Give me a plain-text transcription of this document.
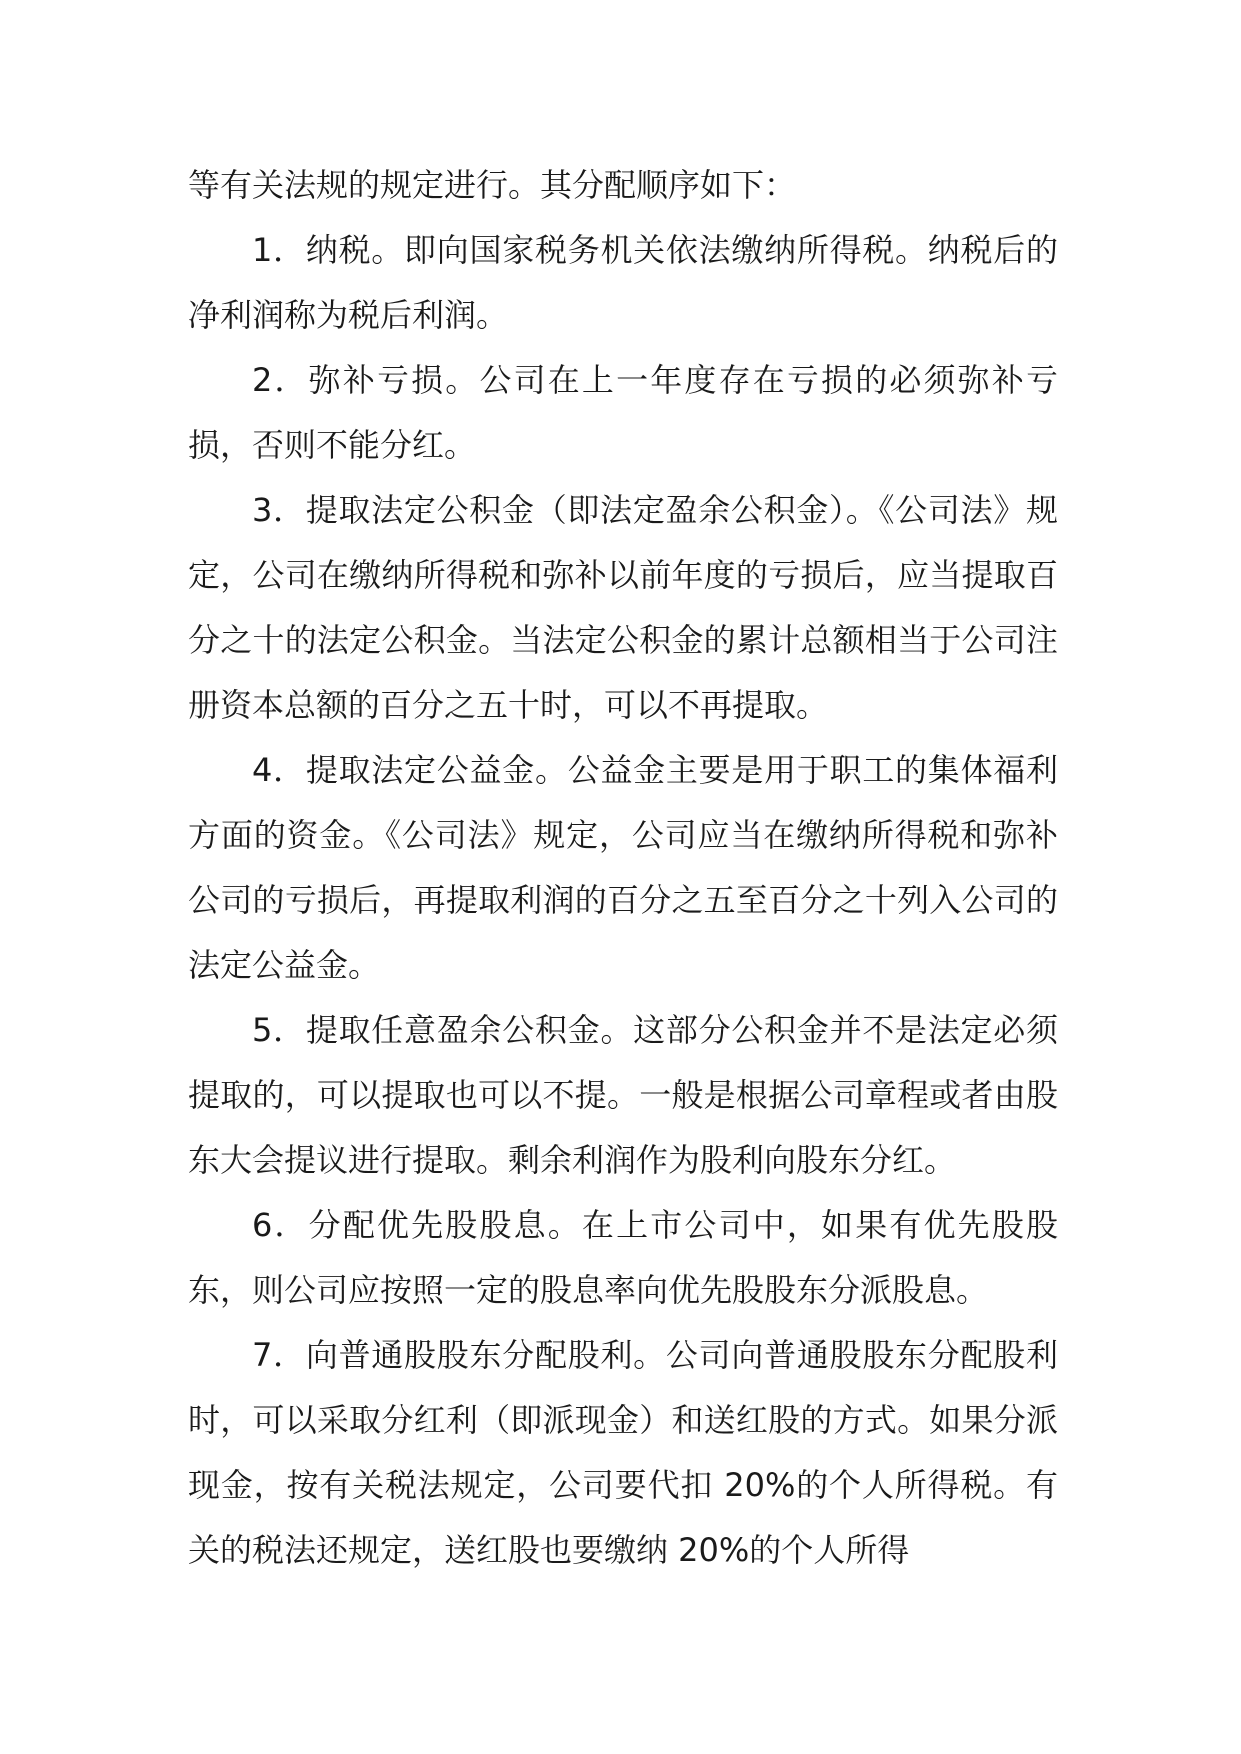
等有关法规的规定进行。其分配顺序如下：

1．纳税。即向国家税务机关依法缴纳所得税。纳税后的净利润称为税后利润。

2．弥补亏损。公司在上一年度存在亏损的必须弥补亏损，否则不能分红。

3．提取法定公积金（即法定盈余公积金）。《公司法》规定，公司在缴纳所得税和弥补以前年度的亏损后，应当提取百分之十的法定公积金。当法定公积金的累计总额相当于公司注册资本总额的百分之五十时，可以不再提取。

4．提取法定公益金。公益金主要是用于职工的集体福利方面的资金。《公司法》规定，公司应当在缴纳所得税和弥补公司的亏损后，再提取利润的百分之五至百分之十列入公司的法定公益金。

5．提取任意盈余公积金。这部分公积金并不是法定必须提取的，可以提取也可以不提。一般是根据公司章程或者由股东大会提议进行提取。剩余利润作为股利向股东分红。

6．分配优先股股息。在上市公司中，如果有优先股股东，则公司应按照一定的股息率向优先股股东分派股息。

7．向普通股股东分配股利。公司向普通股股东分配股利时，可以采取分红利（即派现金）和送红股的方式。如果分派现金，按有关税法规定，公司要代扣 20%的个人所得税。有关的税法还规定，送红股也要缴纳 20%的个人所得
